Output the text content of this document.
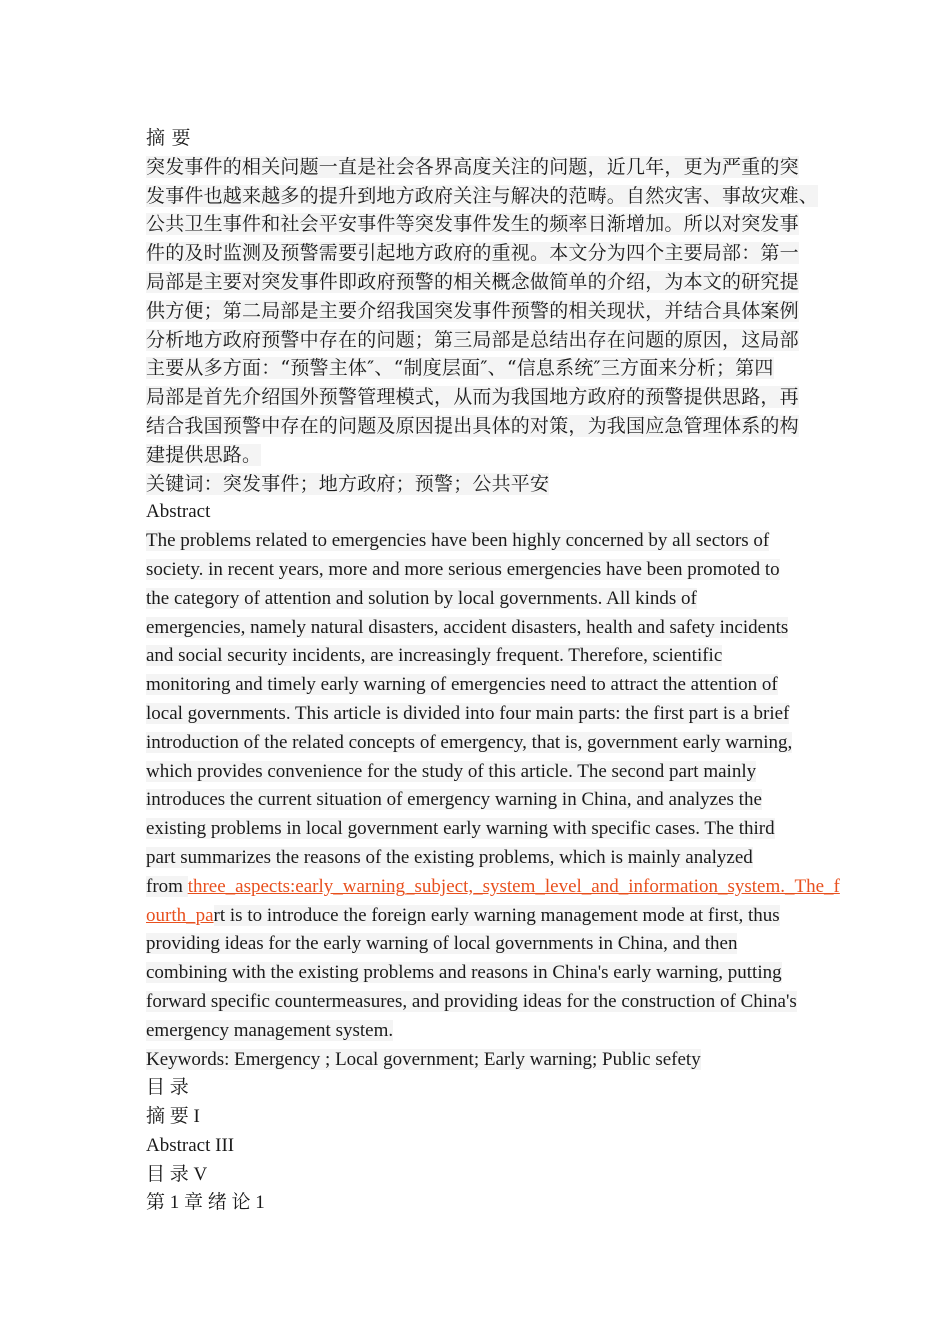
摘 要
突发事件的相关问题一直是社会各界高度关注的问题，近几年，更为严重的突
发事件也越来越多的提升到地方政府关注与解决的范畴。自然灾害、事故灾难、
公共卫生事件和社会平安事件等突发事件发生的频率日渐增加。所以对突发事
件的及时监测及预警需要引起地方政府的重视。本文分为四个主要局部：第一
局部是主要对突发事件即政府预警的相关概念做简单的介绍，为本文的研究提
供方便；第二局部是主要介绍我国突发事件预警的相关现状，并结合具体案例
分析地方政府预警中存在的问题；第三局部是总结出存在问题的原因，这局部
主要从多方面：“预警主体″、“制度层面″、“信息系统″三方面来分析；第四
局部是首先介绍国外预警管理模式，从而为我国地方政府的预警提供思路，再
结合我国预警中存在的问题及原因提出具体的对策，为我国应急管理体系的构
建提供思路。
关键词：突发事件；地方政府；预警；公共平安
Abstract
The problems related to emergencies have been highly concerned by all sectors of
society. in recent years, more and more serious emergencies have been promoted to
the category of attention and solution by local governments. All kinds of
emergencies, namely natural disasters, accident disasters, health and safety incidents
and social security incidents, are increasingly frequent. Therefore, scientific
monitoring and timely early warning of emergencies need to attract the attention of
local governments. This article is divided into four main parts: the first part is a brief
introduction of the related concepts of emergency, that is, government early warning,
which provides convenience for the study of this article. The second part mainly
introduces the current situation of emergency warning in China, and analyzes the
existing problems in local government early warning with specific cases. The third
part summarizes the reasons of the existing problems, which is mainly analyzed
from three_aspects:early_warning_subject,_system_level_and_information_system._The_f
ourth_part is to introduce the foreign early warning management mode at first, thus
providing ideas for the early warning of local governments in China, and then
combining with the existing problems and reasons in China's early warning, putting
forward specific countermeasures, and providing ideas for the construction of China's
emergency management system.
Keywords: Emergency ; Local government; Early warning; Public sefety
目 录
摘 要 I
Abstract III
目 录 V
第 1 章 绪 论 1
